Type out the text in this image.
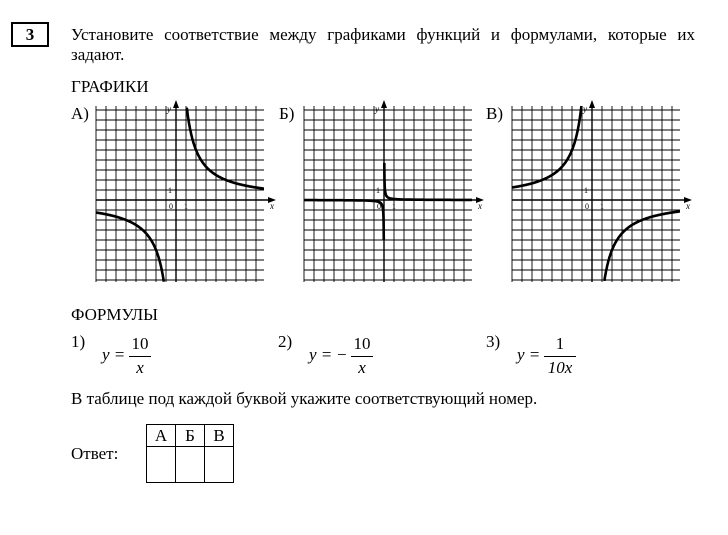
3	Установите соответствие между графиками функций и формулами, которые их задают.
ГРАФИКИ
А)	Б)	В)
x
y
0 1
1
x
y
0 1
1
x
y
0 1
1
ФОРМУЛЫ
1)
y =
10
x
2)
y = −
10
x
3)
y =
1
10x
В таблице под каждой буквой укажите соответствующий номер.
Ответ:
А	Б	В
